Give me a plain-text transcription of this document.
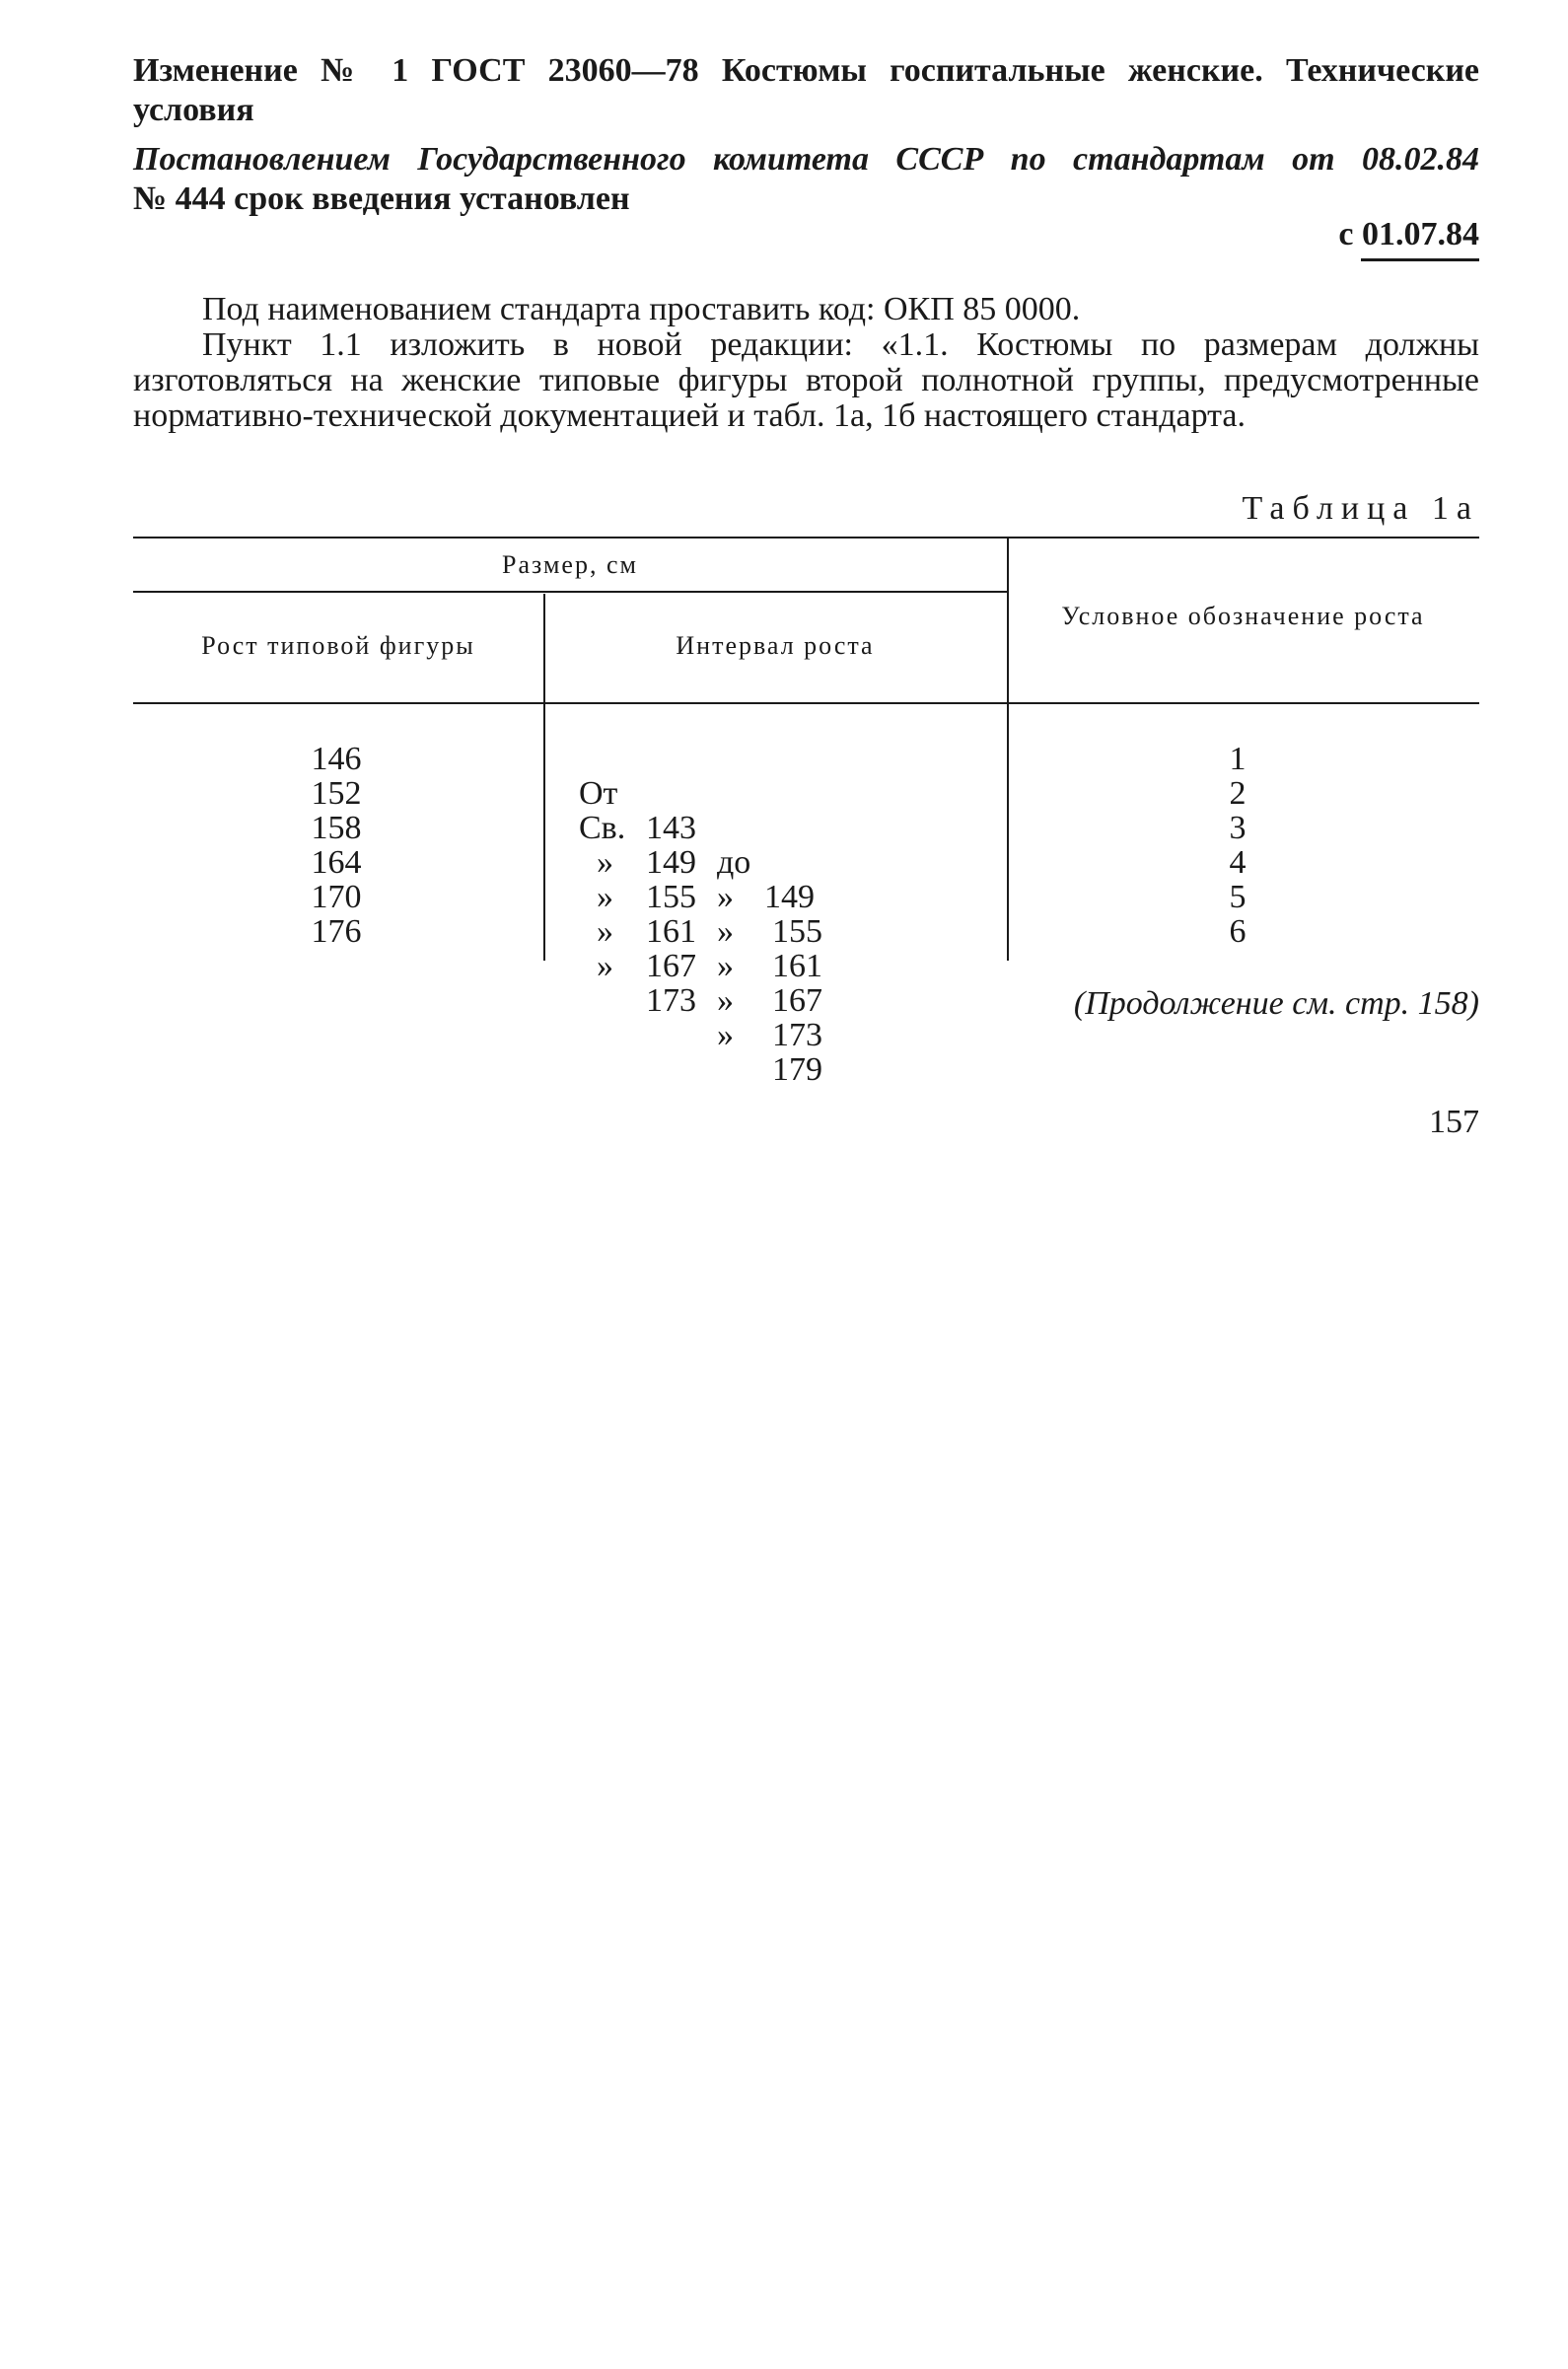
Изменение № 1 ГОСТ 23060—78 Костюмы госпитальные женские. Технические
условия
Постановлением Государственного комитета СССР по стандартам от 08.02.84
№ 444 срок введения установлен
с 01.07.84
Под наименованием стандарта проставить код: ОКП 85 0000.
Пункт 1.1 изложить в новой редакции: «1.1. Костюмы по размерам должны изготовляться на женские типовые фигуры второй полнотной группы, предусмотренные нормативно-технической документацией и табл. 1а, 1б настоящего стандарта.
Таблица 1а
Размер, см
Рост типовой фигуры	Интервал роста
Условное обозначение роста
146
152
158
164
170
176

От

143

до

149

Св.

149

»

155

»

155

»

161

»

161

»

167

»

167

»

173

»

173

»

179

1
2
3
4
5
6
(Продолжение см. стр. 158)
157
